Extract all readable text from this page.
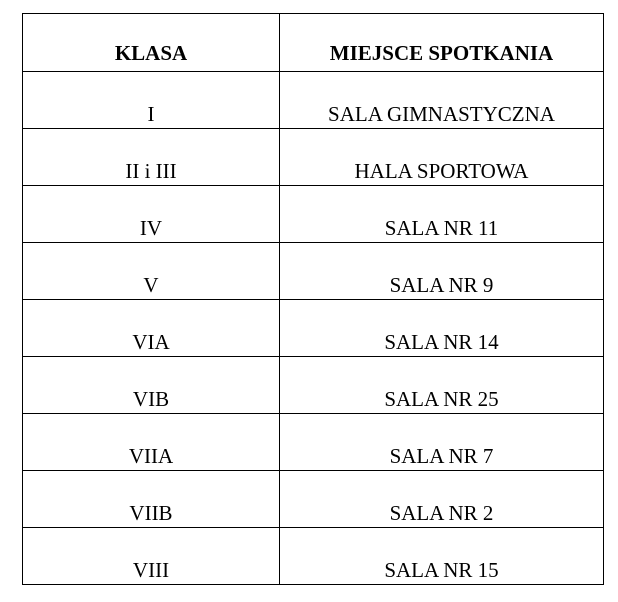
KLASA	MIEJSCE SPOTKANIA
I	SALA GIMNASTYCZNA
II i III	HALA SPORTOWA
IV	SALA NR 11
V	SALA NR 9
VIA	SALA NR 14
VIB	SALA NR 25
VIIA	SALA NR 7
VIIB	SALA NR 2
VIII	SALA NR 15
